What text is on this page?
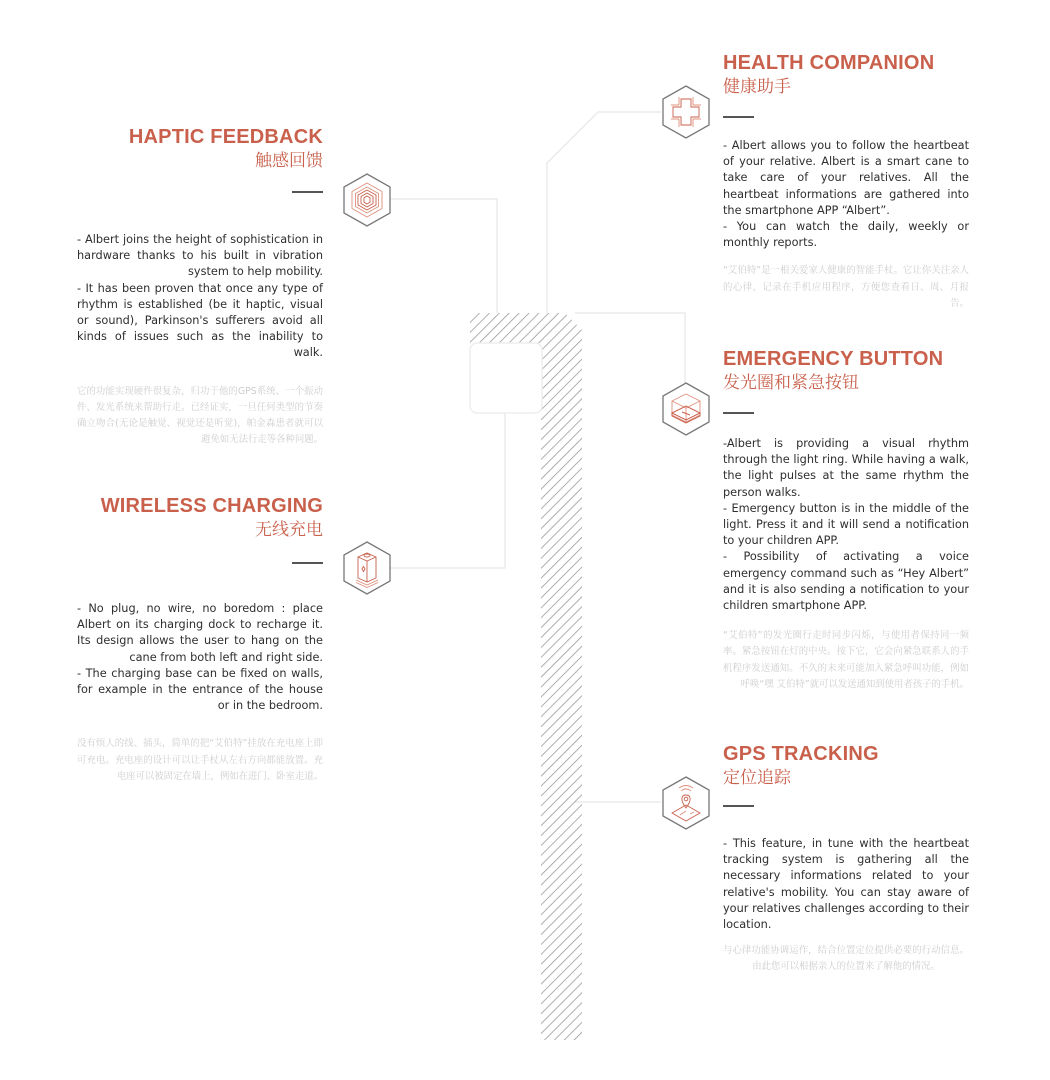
HAPTIC FEEDBACK
触感回馈

- Albert joins the height of sophistication in hardware thanks to his built in vibration system to help mobility.

- It has been proven that once any type of rhythm is established (be it haptic, visual or sound), Parkinson's sufferers avoid all kinds of issues such as the inability to walk.

它的功能实现硬件很复杂，归功于他的GPS系统、一个振动件、发光系统来帮助行走。已经证实，一旦任何类型的节奏确立吻合(无论是触觉、视觉还是听觉)，帕金森患者就可以避免如无法行走等各种问题。
WIRELESS CHARGING
无线充电

- No plug, no wire, no boredom : place Albert on its charging dock to recharge it. Its design allows the user to hang on the cane from both left and right side.

- The charging base can be fixed on walls, for example in the entrance of the house or in the bedroom.

没有烦人的线、插头，简单的把“艾伯特”挂放在充电座上即可充电。充电座的设计可以让手杖从左右方向都能放置。充电座可以被固定在墙上，例如在进门、卧室走道。
HEALTH COMPANION
健康助手

- Albert allows you to follow the heartbeat of your relative. Albert is a smart cane to take care of your relatives. All the heartbeat informations are gathered into the smartphone APP “Albert”.

- You can watch the daily, weekly or monthly reports.

“艾伯特”是一根关爱家人健康的智能手杖。它让你关注亲人的心律，记录在手机应用程序，方便您查看日、周、月报告。
EMERGENCY BUTTON
发光圈和紧急按钮

-Albert is providing a visual rhythm through the light ring. While having a walk, the light pulses at the same rhythm the person walks.

- Emergency button is in the middle of the light. Press it and it will send a notification to your children APP.

- Possibility of activating a voice emergency command such as “Hey Albert” and it is also sending a notification to your children smartphone APP.

“艾伯特”的发光圈行走时同步闪烁，与使用者保持同一频率。紧急按钮在灯的中央。按下它，它会向紧急联系人的手机程序发送通知。不久的未来可能加入紧急呼叫功能，例如呼唤“嘿 艾伯特”就可以发送通知到使用者孩子的手机。
GPS TRACKING
定位追踪

- This feature, in tune with the heartbeat tracking system is gathering all the necessary informations related to your relative's mobility. You can stay aware of your relatives challenges according to their location.

与心律功能协调运作，结合位置定位提供必要的行动信息。由此您可以根据亲人的位置来了解他的情况。
